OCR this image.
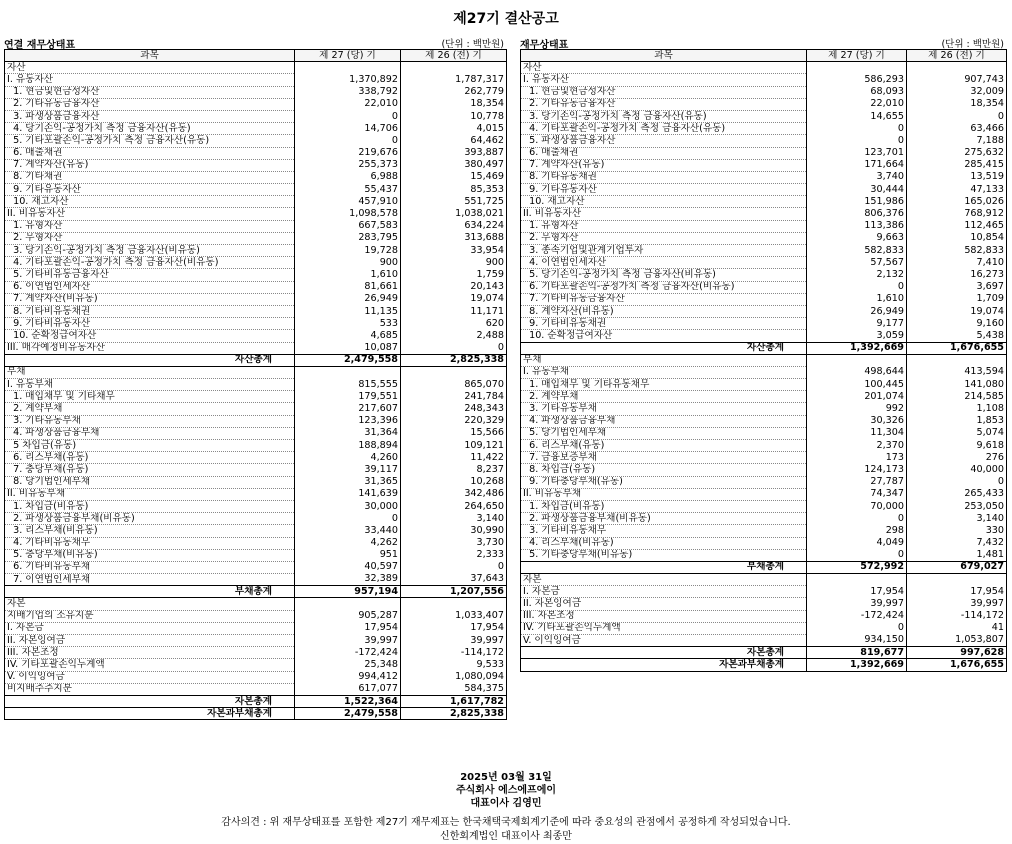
제27기 결산공고
연결 재무상태표	(단위 : 백만원)
과목	제 27 (당) 기	제 26 (전) 기
자산		
I. 유동자산	1,370,892	1,787,317
1. 현금및현금성자산	338,792	262,779
2. 기타유동금융자산	22,010	18,354
3. 파생상품금융자산	0	10,778
4. 당기손익-공정가치 측정 금융자산(유동)	14,706	4,015
5. 기타포괄손익-공정가치 측정 금융자산(유동)	0	64,462
6. 매출채권	219,676	393,887
7. 계약자산(유동)	255,373	380,497
8. 기타채권	6,988	15,469
9. 기타유동자산	55,437	85,353
10. 재고자산	457,910	551,725
II. 비유동자산	1,098,578	1,038,021
1. 유형자산	667,583	634,224
2. 무형자산	283,795	313,688
3. 당기손익-공정가치 측정 금융자산(비유동)	19,728	33,954
4. 기타포괄손익-공정가치 측정 금융자산(비유동)	900	900
5. 기타비유동금융자산	1,610	1,759
6. 이연법인세자산	81,661	20,143
7. 계약자산(비유동)	26,949	19,074
8. 기타비유동채권	11,135	11,171
9. 기타비유동자산	533	620
10. 순확정급여자산	4,685	2,488
III. 매각예정비유동자산	10,087	0
자산총계	2,479,558	2,825,338
부채		
I. 유동부채	815,555	865,070
1. 매입채무 및 기타채무	179,551	241,784
2. 계약부채	217,607	248,343
3. 기타유동부채	123,396	220,329
4. 파생상품금융부채	31,364	15,566
5 차입금(유동)	188,894	109,121
6. 리스부채(유동)	4,260	11,422
7. 충당부채(유동)	39,117	8,237
8. 당기법인세부채	31,365	10,268
II. 비유동부채	141,639	342,486
1. 차입금(비유동)	30,000	264,650
2. 파생상품금융부채(비유동)	0	3,140
3. 리스부채(비유동)	33,440	30,990
4. 기타비유동채무	4,262	3,730
5. 충당부채(비유동)	951	2,333
6. 기타비유동부채	40,597	0
7. 이연법인세부채	32,389	37,643
부채총계	957,194	1,207,556
자본		
지배기업의 소유지분	905,287	1,033,407
I. 자본금	17,954	17,954
II. 자본잉여금	39,997	39,997
III. 자본조정	-172,424	-114,172
IV. 기타포괄손익누계액	25,348	9,533
V. 이익잉여금	994,412	1,080,094
비지배주주지분	617,077	584,375
자본총계	1,522,364	1,617,782
자본과부채총계	2,479,558	2,825,338
재무상태표	(단위 : 백만원)
과목	제 27 (당) 기	제 26 (전) 기
자산		
I. 유동자산	586,293	907,743
1. 현금및현금성자산	68,093	32,009
2. 기타유동금융자산	22,010	18,354
3. 당기손익-공정가치 측정 금융자산(유동)	14,655	0
4. 기타포괄손익-공정가치 측정 금융자산(유동)	0	63,466
5. 파생상품금융자산	0	7,188
6. 매출채권	123,701	275,632
7. 계약자산(유동)	171,664	285,415
8. 기타유동채권	3,740	13,519
9. 기타유동자산	30,444	47,133
10. 재고자산	151,986	165,026
II. 비유동자산	806,376	768,912
1. 유형자산	113,386	112,465
2. 무형자산	9,663	10,854
3. 종속기업및관계기업투자	582,833	582,833
4. 이연법인세자산	57,567	7,410
5. 당기손익-공정가치 측정 금융자산(비유동)	2,132	16,273
6. 기타포괄손익-공정가치 측정 금융자산(비유동)	0	3,697
7. 기타비유동금융자산	1,610	1,709
8. 계약자산(비유동)	26,949	19,074
9. 기타비유동채권	9,177	9,160
10. 순확정급여자산	3,059	5,438
자산총계	1,392,669	1,676,655
부채		
I. 유동부채	498,644	413,594
1. 매입채무 및 기타유동채무	100,445	141,080
2. 계약부채	201,074	214,585
3. 기타유동부채	992	1,108
4. 파생상품금융부채	30,326	1,853
5. 당기법인세부채	11,304	5,074
6. 리스부채(유동)	2,370	9,618
7. 금융보증부채	173	276
8. 차입금(유동)	124,173	40,000
9. 기타충당부채(유동)	27,787	0
II. 비유동부채	74,347	265,433
1. 차입금(비유동)	70,000	253,050
2. 파생상품금융부채(비유동)	0	3,140
3. 기타비유동채무	298	330
4. 리스부채(비유동)	4,049	7,432
5. 기타충당부채(비유동)	0	1,481
부채총계	572,992	679,027
자본		
I. 자본금	17,954	17,954
II. 자본잉여금	39,997	39,997
III. 자본조정	-172,424	-114,172
IV. 기타포괄손익누계액	0	41
V. 이익잉여금	934,150	1,053,807
자본총계	819,677	997,628
자본과부채총계	1,392,669	1,676,655
2025년 03월 31일
주식회사 에스에프에이
대표이사 김영민
감사의견 : 위 재무상태표를 포함한 제27기 재무제표는 한국채택국제회계기준에 따라 중요성의 관점에서 공정하게 작성되었습니다.
신한회계법인 대표이사 최종만
